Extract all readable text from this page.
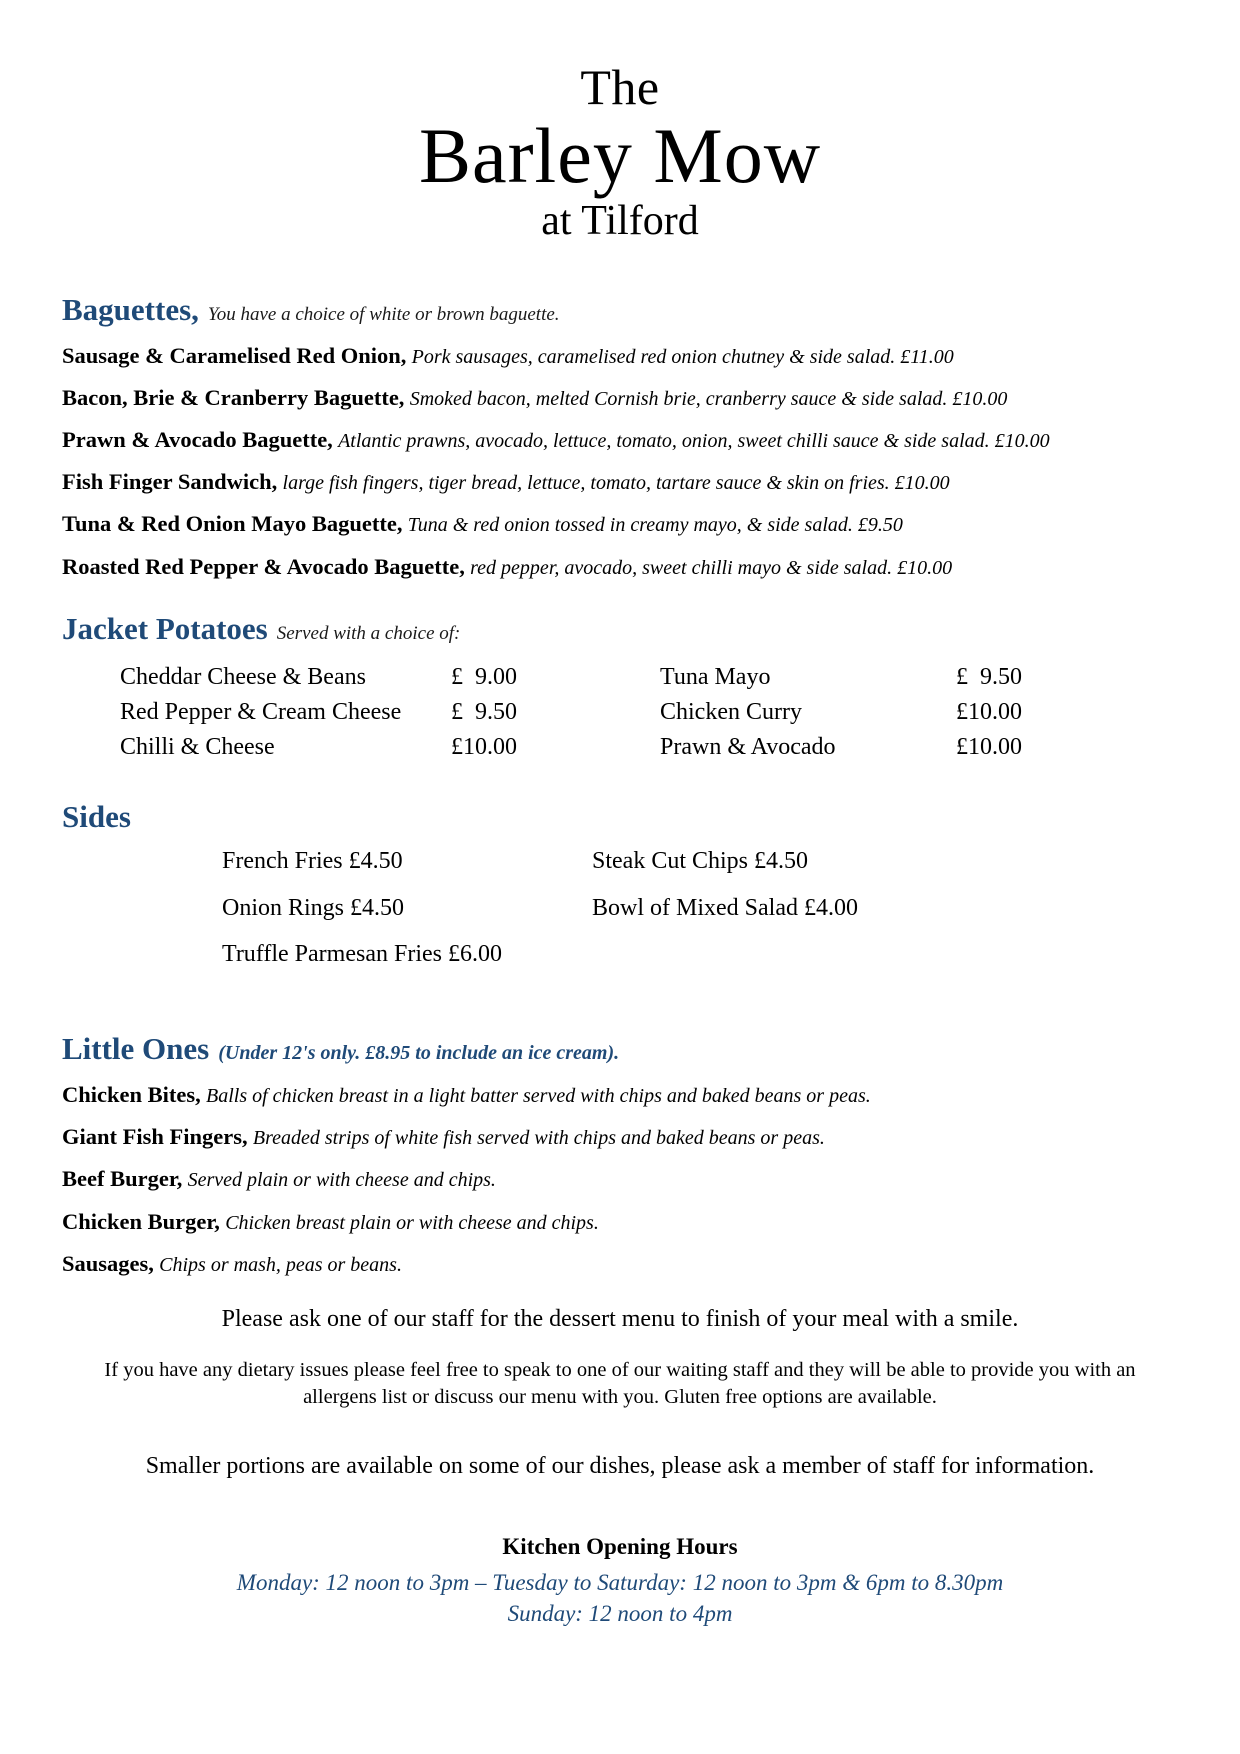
The
Barley Mow
at Tilford
Baguettes, You have a choice of white or brown baguette.
Sausage & Caramelised Red Onion, Pork sausages, caramelised red onion chutney & side salad. £11.00
Bacon, Brie & Cranberry Baguette, Smoked bacon, melted Cornish brie, cranberry sauce & side salad. £10.00
Prawn & Avocado Baguette, Atlantic prawns, avocado, lettuce, tomato, onion, sweet chilli sauce & side salad. £10.00
Fish Finger Sandwich, large fish fingers, tiger bread, lettuce, tomato, tartare sauce & skin on fries. £10.00
Tuna & Red Onion Mayo Baguette, Tuna & red onion tossed in creamy mayo, & side salad. £9.50
Roasted Red Pepper & Avocado Baguette, red pepper, avocado, sweet chilli mayo & side salad. £10.00
Jacket Potatoes Served with a choice of:
Cheddar Cheese & Beans	£  9.00
Red Pepper & Cream Cheese	£  9.50
Chilli & Cheese	£10.00
Tuna Mayo	£  9.50
Chicken Curry	£10.00
Prawn & Avocado	£10.00
Sides
French Fries £4.50
Onion Rings £4.50
Truffle Parmesan Fries £6.00
Steak Cut Chips £4.50
Bowl of Mixed Salad £4.00
Little Ones (Under 12's only. £8.95 to include an ice cream).
Chicken Bites, Balls of chicken breast in a light batter served with chips and baked beans or peas.
Giant Fish Fingers, Breaded strips of white fish served with chips and baked beans or peas.
Beef Burger, Served plain or with cheese and chips.
Chicken Burger, Chicken breast plain or with cheese and chips.
Sausages, Chips or mash, peas or beans.
Please ask one of our staff for the dessert menu to finish of your meal with a smile.
If you have any dietary issues please feel free to speak to one of our waiting staff and they will be able to provide you with an allergens list or discuss our menu with you. Gluten free options are available.
Smaller portions are available on some of our dishes, please ask a member of staff for information.
Kitchen Opening Hours
Monday: 12 noon to 3pm – Tuesday to Saturday: 12 noon to 3pm & 6pm to 8.30pm
Sunday: 12 noon to 4pm
